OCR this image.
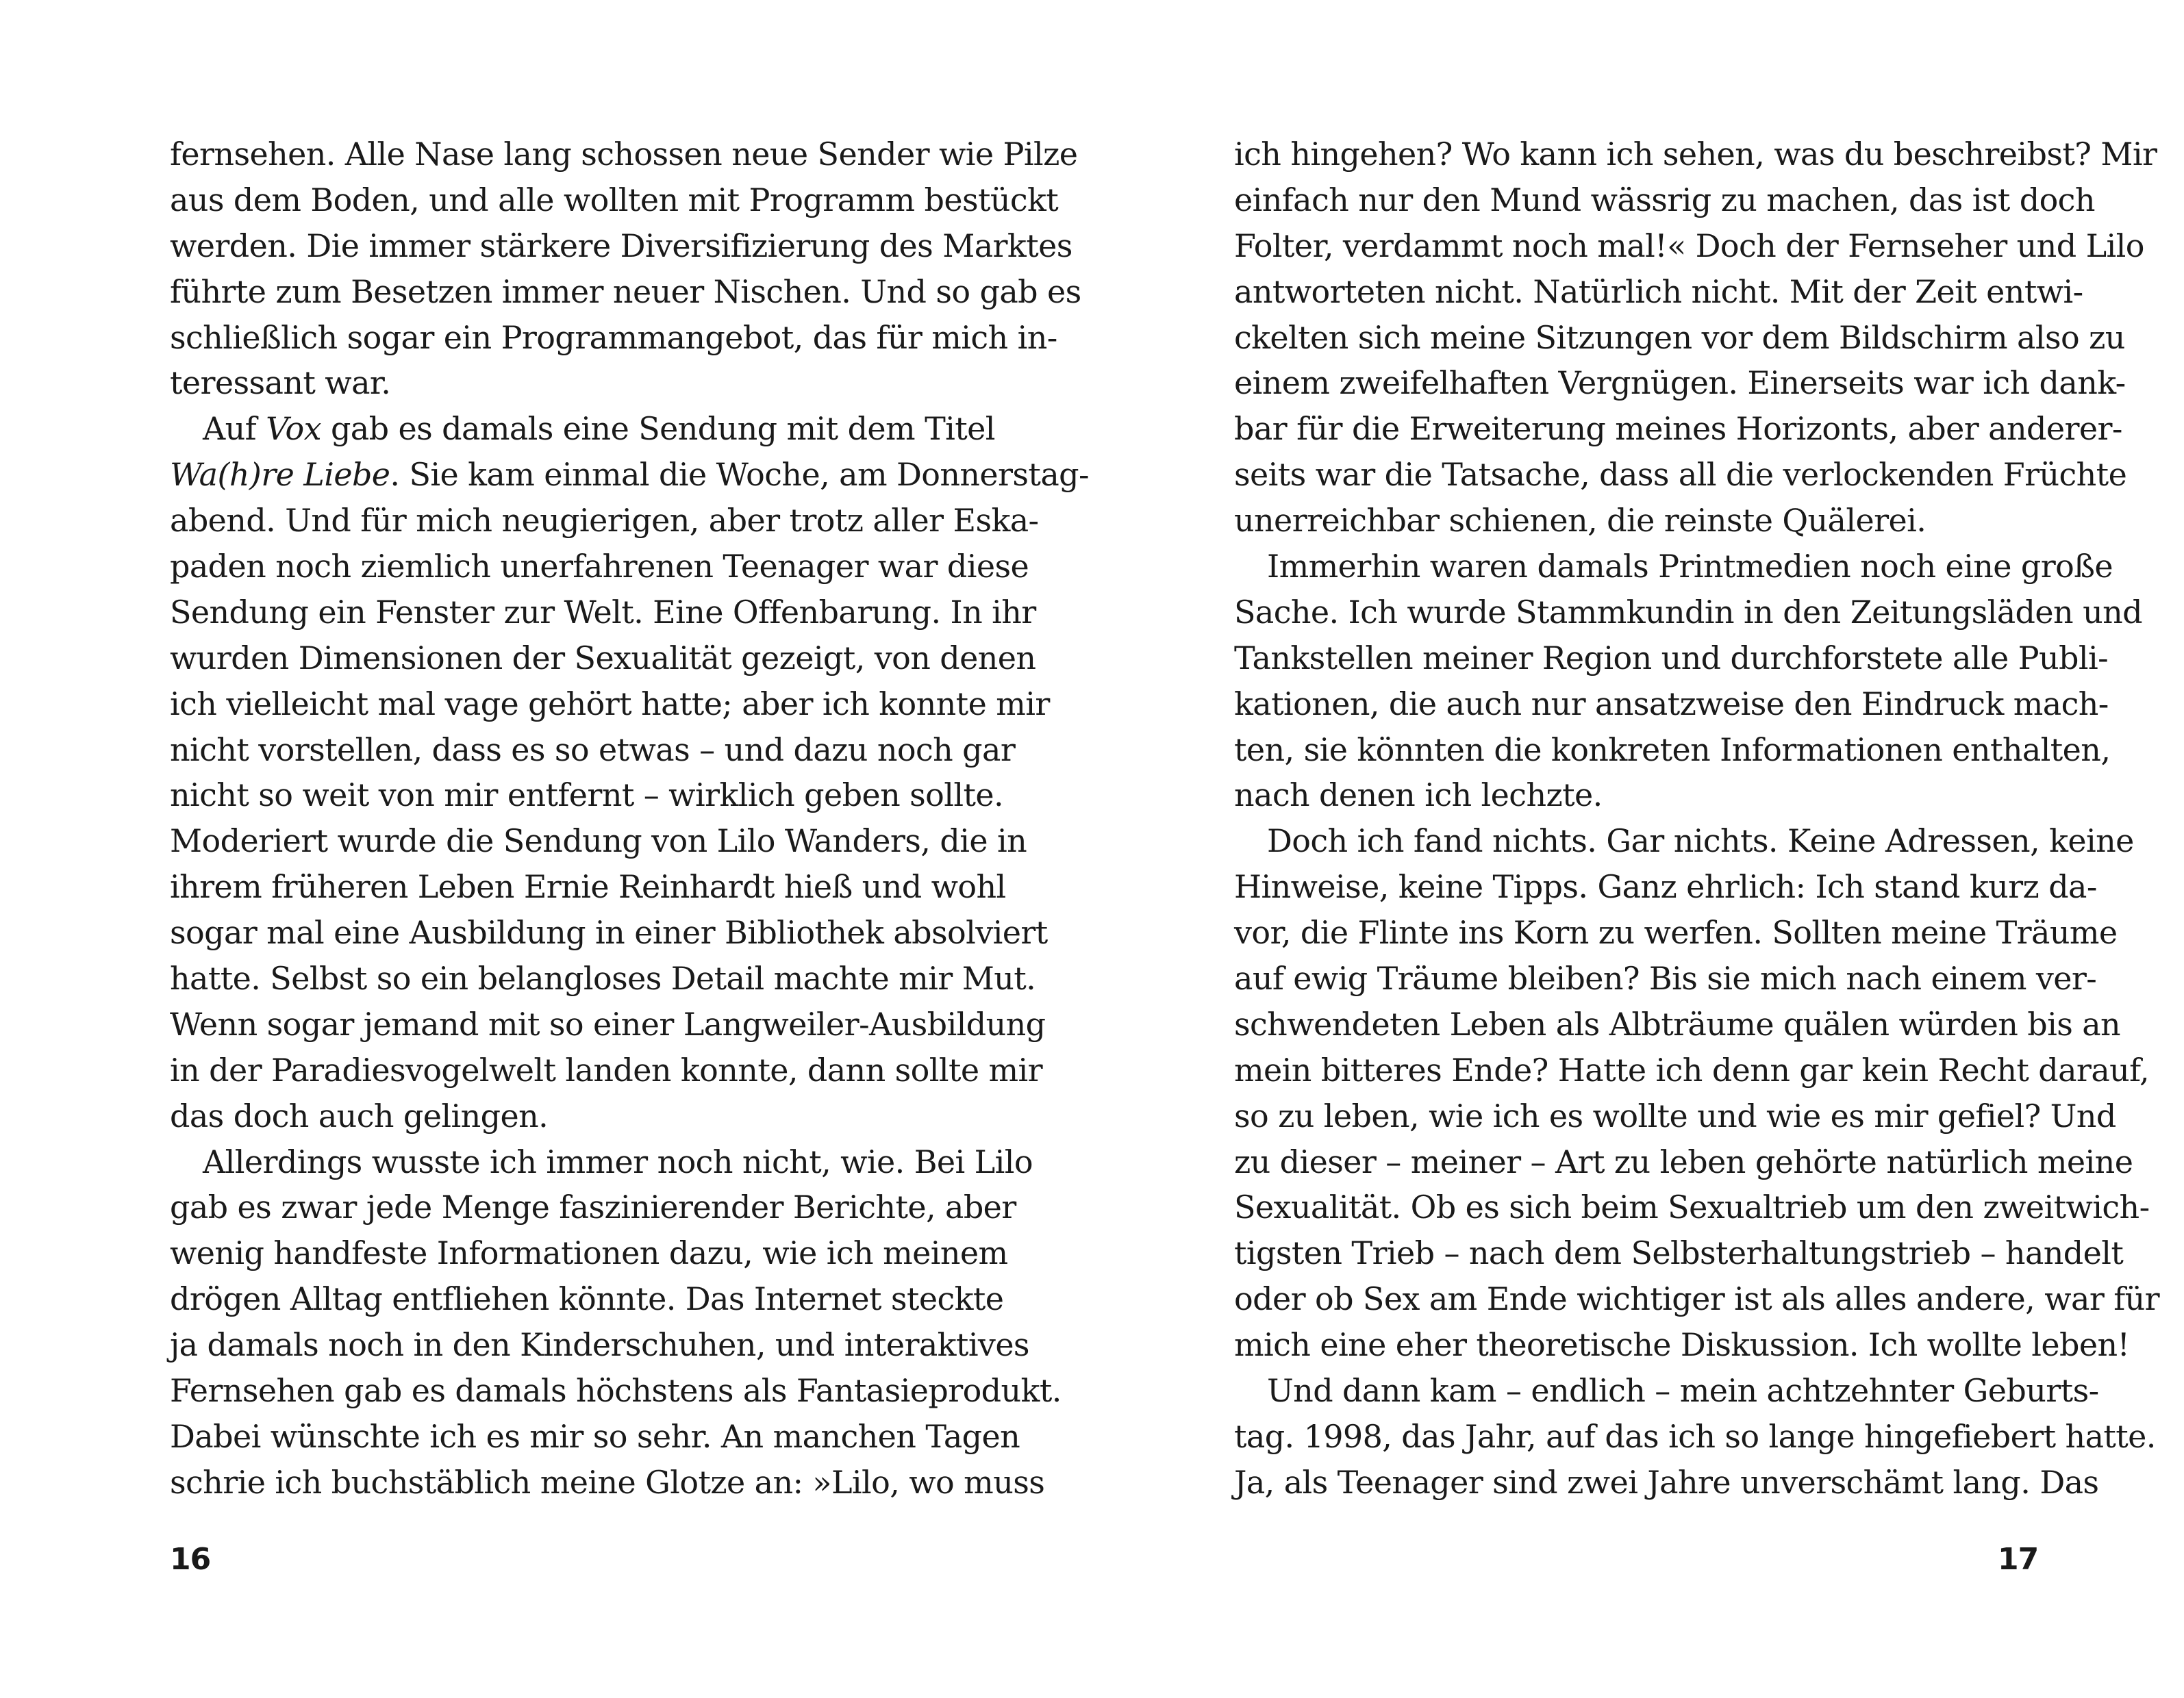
fernsehen. Alle Nase lang schossen neue Sender wie Pilze
aus dem Boden, und alle wollten mit Programm bestückt
werden. Die immer stärkere Diversifizierung des Marktes
führte zum Besetzen immer neuer Nischen. Und so gab es
schließlich sogar ein Programmangebot, das für mich in-
teressant war.
Auf Vox gab es damals eine Sendung mit dem Titel
Wa(h)re Liebe. Sie kam einmal die Woche, am Donnerstag-
abend. Und für mich neugierigen, aber trotz aller Eska-
paden noch ziemlich unerfahrenen Teenager war diese
Sendung ein Fenster zur Welt. Eine Offenbarung. In ihr
wurden Dimensionen der Sexualität gezeigt, von denen
ich vielleicht mal vage gehört hatte; aber ich konnte mir
nicht vorstellen, dass es so etwas – und dazu noch gar
nicht so weit von mir entfernt – wirklich geben sollte.
Moderiert wurde die Sendung von Lilo Wanders, die in
ihrem früheren Leben Ernie Reinhardt hieß und wohl
sogar mal eine Ausbildung in einer Bibliothek absolviert
hatte. Selbst so ein belangloses Detail machte mir Mut.
Wenn sogar jemand mit so einer Langweiler-Ausbildung
in der Paradiesvogelwelt landen konnte, dann sollte mir
das doch auch gelingen.
Allerdings wusste ich immer noch nicht, wie. Bei Lilo
gab es zwar jede Menge faszinierender Berichte, aber
wenig handfeste Informationen dazu, wie ich meinem
drögen Alltag entfliehen könnte. Das Internet steckte
ja damals noch in den Kinderschuhen, und interaktives
Fernsehen gab es damals höchstens als Fantasieprodukt.
Dabei wünschte ich es mir so sehr. An manchen Tagen
schrie ich buchstäblich meine Glotze an: »Lilo, wo muss
16
ich hingehen? Wo kann ich sehen, was du beschreibst? Mir
einfach nur den Mund wässrig zu machen, das ist doch
Folter, verdammt noch mal!« Doch der Fernseher und Lilo
antworteten nicht. Natürlich nicht. Mit der Zeit entwi-
ckelten sich meine Sitzungen vor dem Bildschirm also zu
einem zweifelhaften Vergnügen. Einerseits war ich dank-
bar für die Erweiterung meines Horizonts, aber anderer-
seits war die Tatsache, dass all die verlockenden Früchte
unerreichbar schienen, die reinste Quälerei.
Immerhin waren damals Printmedien noch eine große
Sache. Ich wurde Stammkundin in den Zeitungsläden und
Tankstellen meiner Region und durchforstete alle Publi-
kationen, die auch nur ansatzweise den Eindruck mach-
ten, sie könnten die konkreten Informationen enthalten,
nach denen ich lechzte.
Doch ich fand nichts. Gar nichts. Keine Adressen, keine
Hinweise, keine Tipps. Ganz ehrlich: Ich stand kurz da-
vor, die Flinte ins Korn zu werfen. Sollten meine Träume
auf ewig Träume bleiben? Bis sie mich nach einem ver-
schwendeten Leben als Albträume quälen würden bis an
mein bitteres Ende? Hatte ich denn gar kein Recht darauf,
so zu leben, wie ich es wollte und wie es mir gefiel? Und
zu dieser – meiner – Art zu leben gehörte natürlich meine
Sexualität. Ob es sich beim Sexualtrieb um den zweitwich-
tigsten Trieb – nach dem Selbsterhaltungstrieb – handelt
oder ob Sex am Ende wichtiger ist als alles andere, war für
mich eine eher theoretische Diskussion. Ich wollte leben!
Und dann kam – endlich – mein achtzehnter Geburts-
tag. 1998, das Jahr, auf das ich so lange hingefiebert hatte.
Ja, als Teenager sind zwei Jahre unverschämt lang. Das
17
